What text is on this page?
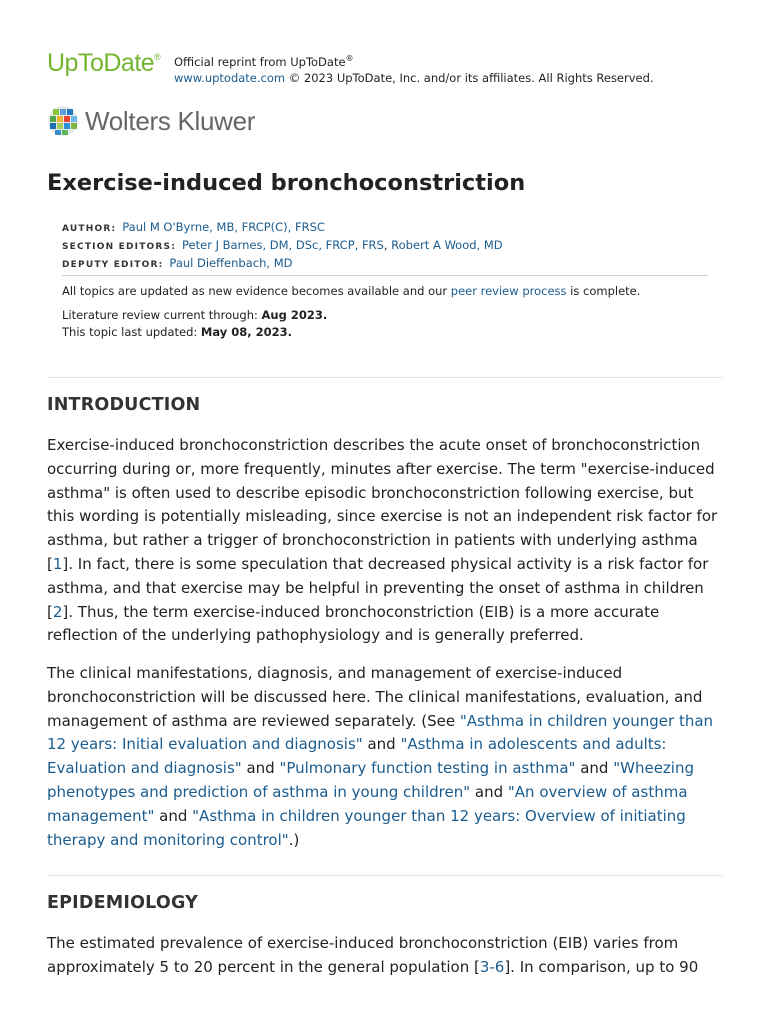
UpToDate® Official reprint from UpToDate®
www.uptodate.com © 2023 UpToDate, Inc. and/or its affiliates. All Rights Reserved.
Wolters Kluwer
Exercise-induced bronchoconstriction
AUTHOR: Paul M O'Byrne, MB, FRCP(C), FRSC
SECTION EDITORS: Peter J Barnes, DM, DSc, FRCP, FRS, Robert A Wood, MD
DEPUTY EDITOR: Paul Dieffenbach, MD
All topics are updated as new evidence becomes available and our peer review process is complete.
Literature review current through: Aug 2023.
This topic last updated: May 08, 2023.
INTRODUCTION

Exercise-induced bronchoconstriction describes the acute onset of bronchoconstriction occurring during or, more frequently, minutes after exercise. The term "exercise-induced asthma" is often used to describe episodic bronchoconstriction following exercise, but this wording is potentially misleading, since exercise is not an independent risk factor for asthma, but rather a trigger of bronchoconstriction in patients with underlying asthma [1]. In fact, there is some speculation that decreased physical activity is a risk factor for asthma, and that exercise may be helpful in preventing the onset of asthma in children [2]. Thus, the term exercise-induced bronchoconstriction (EIB) is a more accurate reflection of the underlying pathophysiology and is generally preferred.

The clinical manifestations, diagnosis, and management of exercise-induced bronchoconstriction will be discussed here. The clinical manifestations, evaluation, and management of asthma are reviewed separately. (See "Asthma in children younger than 12 years: Initial evaluation and diagnosis" and "Asthma in adolescents and adults: Evaluation and diagnosis" and "Pulmonary function testing in asthma" and "Wheezing phenotypes and prediction of asthma in young children" and "An overview of asthma management" and "Asthma in children younger than 12 years: Overview of initiating therapy and monitoring control".)

EPIDEMIOLOGY

The estimated prevalence of exercise-induced bronchoconstriction (EIB) varies from approximately 5 to 20 percent in the general population [3-6]. In comparison, up to 90
